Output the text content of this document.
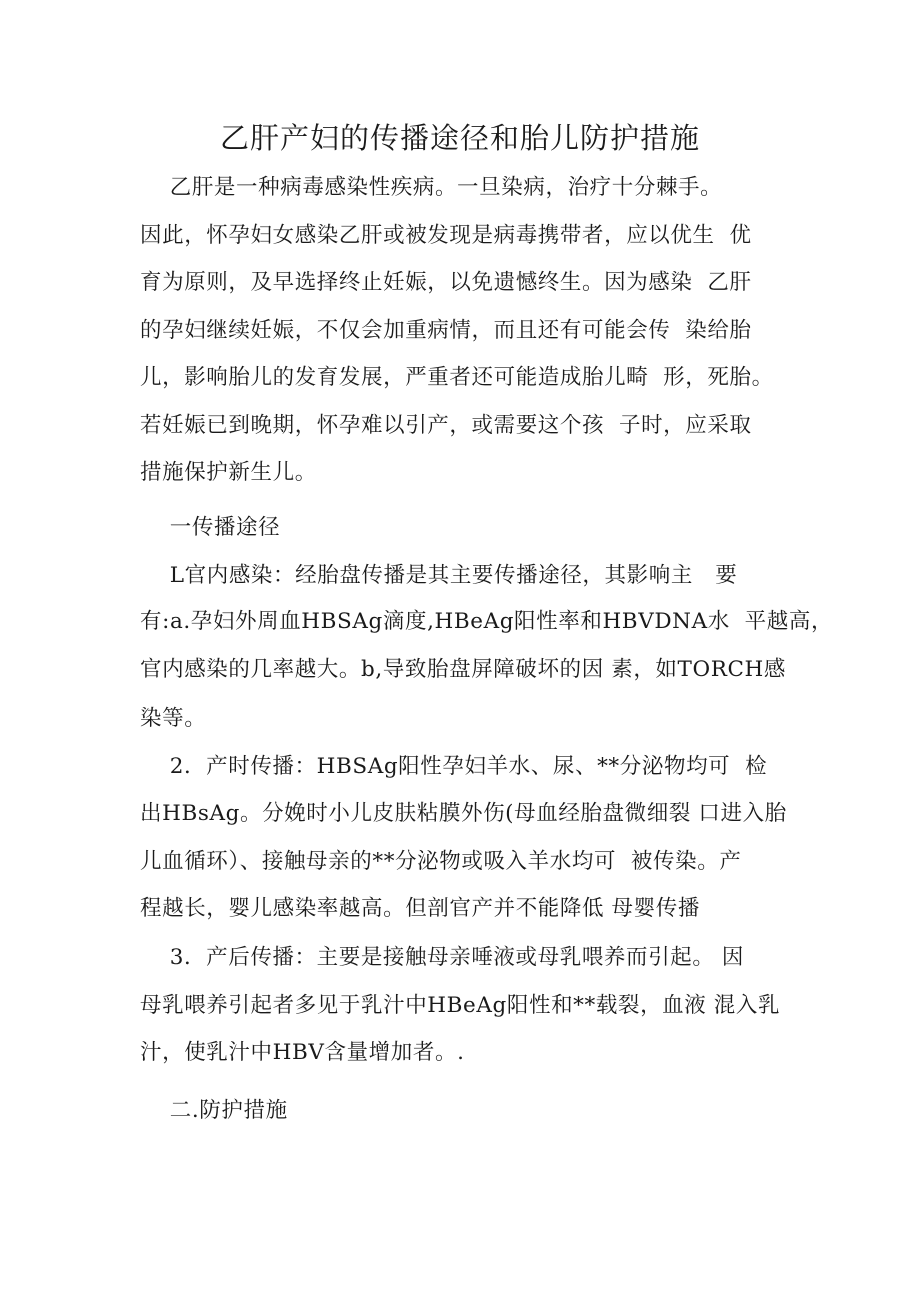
乙肝产妇的传播途径和胎儿防护措施
乙肝是一种病毒感染性疾病。一旦染病，治疗十分棘手。
因此，怀孕妇女感染乙肝或被发现是病毒携带者，应以优生  优
育为原则，及早选择终止妊娠，以免遗憾终生。因为感染  乙肝
的孕妇继续妊娠，不仅会加重病情，而且还有可能会传  染给胎
儿，影响胎儿的发育发展，严重者还可能造成胎儿畸  形，死胎。
若妊娠已到晚期，怀孕难以引产，或需要这个孩  子时，应采取
措施保护新生儿。
一传播途径
L官内感染：经胎盘传播是其主要传播途径，其影响主   要
有:a.孕妇外周血HBSAg滴度,HBeAg阳性率和HBVDNA水  平越高，
官内感染的几率越大。b,导致胎盘屏障破坏的因 素，如TORCH感
染等。
2．产时传播：HBSAg阳性孕妇羊水、尿、**分泌物均可  检
出HBsAg。分娩时小儿皮肤粘膜外伤(母血经胎盘微细裂 口进入胎
儿血循环）、接触母亲的**分泌物或吸入羊水均可  被传染。产
程越长，婴儿感染率越高。但剖官产并不能降低 母婴传播
3．产后传播：主要是接触母亲唾液或母乳喂养而引起。 因
母乳喂养引起者多见于乳汁中HBeAg阳性和**载裂，血液 混入乳
汁，使乳汁中HBV含量增加者。.
二.防护措施
